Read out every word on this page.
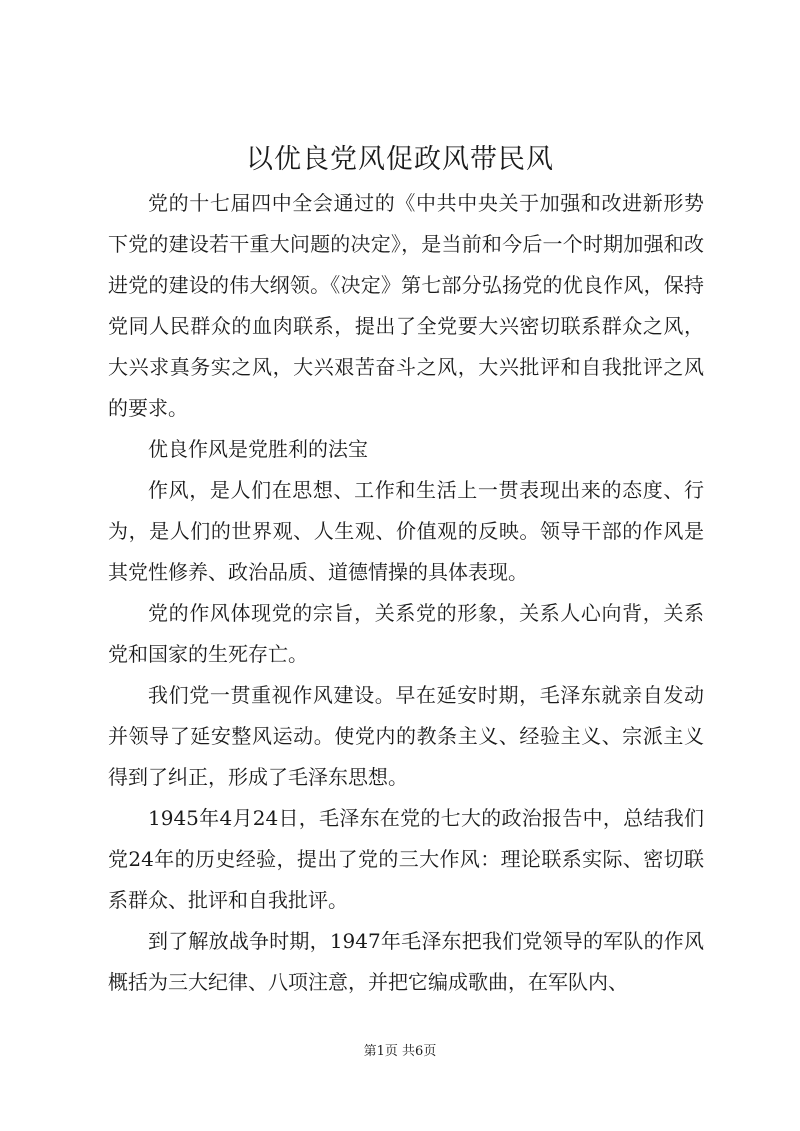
以优良党风促政风带民风

党的十七届四中全会通过的《中共中央关于加强和改进新形势下党的建设若干重大问题的决定》，是当前和今后一个时期加强和改进党的建设的伟大纲领。《决定》第七部分弘扬党的优良作风，保持党同人民群众的血肉联系，提出了全党要大兴密切联系群众之风，大兴求真务实之风，大兴艰苦奋斗之风，大兴批评和自我批评之风的要求。

优良作风是党胜利的法宝

作风，是人们在思想、工作和生活上一贯表现出来的态度、行为，是人们的世界观、人生观、价值观的反映。领导干部的作风是其党性修养、政治品质、道德情操的具体表现。

党的作风体现党的宗旨，关系党的形象，关系人心向背，关系党和国家的生死存亡。

我们党一贯重视作风建设。早在延安时期，毛泽东就亲自发动并领导了延安整风运动。使党内的教条主义、经验主义、宗派主义得到了纠正，形成了毛泽东思想。

1945年4月24日，毛泽东在党的七大的政治报告中，总结我们党24年的历史经验，提出了党的三大作风：理论联系实际、密切联系群众、批评和自我批评。

到了解放战争时期，1947年毛泽东把我们党领导的军队的作风概括为三大纪律、八项注意，并把它编成歌曲，在军队内、

第1页 共6页
